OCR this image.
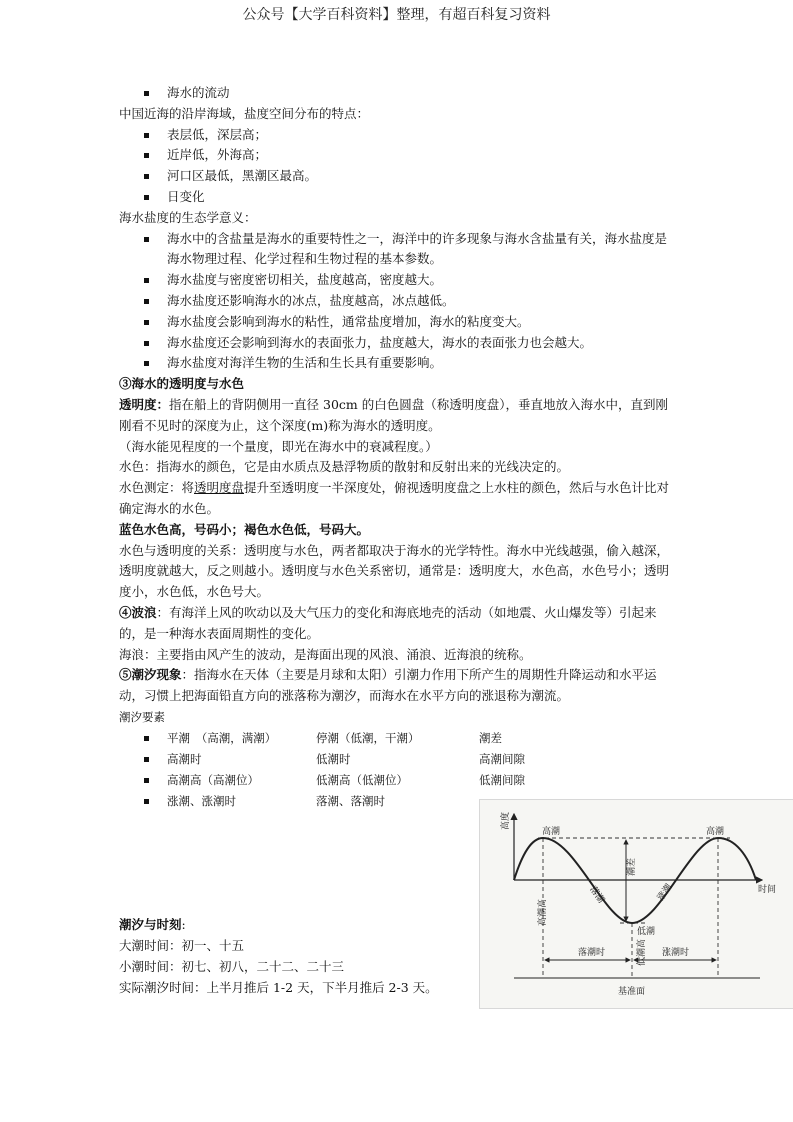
公众号【大学百科资料】整理，有超百科复习资料
海水的流动

中国近海的沿岸海域，盐度空间分布的特点：

表层低，深层高；
近岸低，外海高；
河口区最低，黑潮区最高。
日变化

海水盐度的生态学意义：

海水中的含盐量是海水的重要特性之一，海洋中的许多现象与海水含盐量有关，海水盐度是海水物理过程、化学过程和生物过程的基本参数。
海水盐度与密度密切相关，盐度越高，密度越大。
海水盐度还影响海水的冰点，盐度越高，冰点越低。
海水盐度会影响到海水的粘性，通常盐度增加，海水的粘度变大。
海水盐度还会影响到海水的表面张力，盐度越大，海水的表面张力也会越大。
海水盐度对海洋生物的生活和生长具有重要影响。

③海水的透明度与水色

透明度：指在船上的背阴侧用一直径 30cm 的白色圆盘（称透明度盘），垂直地放入海水中，直到刚刚看不见时的深度为止，这个深度(m)称为海水的透明度。

（海水能见程度的一个量度，即光在海水中的衰减程度。）

水色：指海水的颜色，它是由水质点及悬浮物质的散射和反射出来的光线决定的。

水色测定：将透明度盘提升至透明度一半深度处，俯视透明度盘之上水柱的颜色，然后与水色计比对确定海水的水色。

蓝色水色高，号码小；褐色水色低，号码大。

水色与透明度的关系：透明度与水色，两者都取决于海水的光学特性。海水中光线越强，偷入越深，透明度就越大，反之则越小。透明度与水色关系密切，通常是：透明度大，水色高，水色号小；透明度小，水色低，水色号大。

④波浪：有海洋上风的吹动以及大气压力的变化和海底地壳的活动（如地震、火山爆发等）引起来的，是一种海水表面周期性的变化。

海浪：主要指由风产生的波动，是海面出现的风浪、涌浪、近海浪的统称。

⑤潮汐现象：指海水在天体（主要是月球和太阳）引潮力作用下所产生的周期性升降运动和水平运动，习惯上把海面铅直方向的涨落称为潮汐，而海水在水平方向的涨退称为潮流。

潮汐要素

平潮　（高潮，满潮）	停潮（低潮，干潮）	潮差
高潮时	低潮时	高潮间隙
高潮高（高潮位）	低潮高（低潮位）	低潮间隙
涨潮、涨潮时	落潮、落潮时

潮汐与时刻:

大潮时间：初一、十五

小潮时间：初七、初八，二十二、二十三

实际潮汐时间：上半月推后 1-2 天，下半月推后 2-3 天。

高度
时间
高潮	高潮
低潮
潮差
落潮	涨潮
高潮高
低潮高
落潮时	涨潮时
基准面
